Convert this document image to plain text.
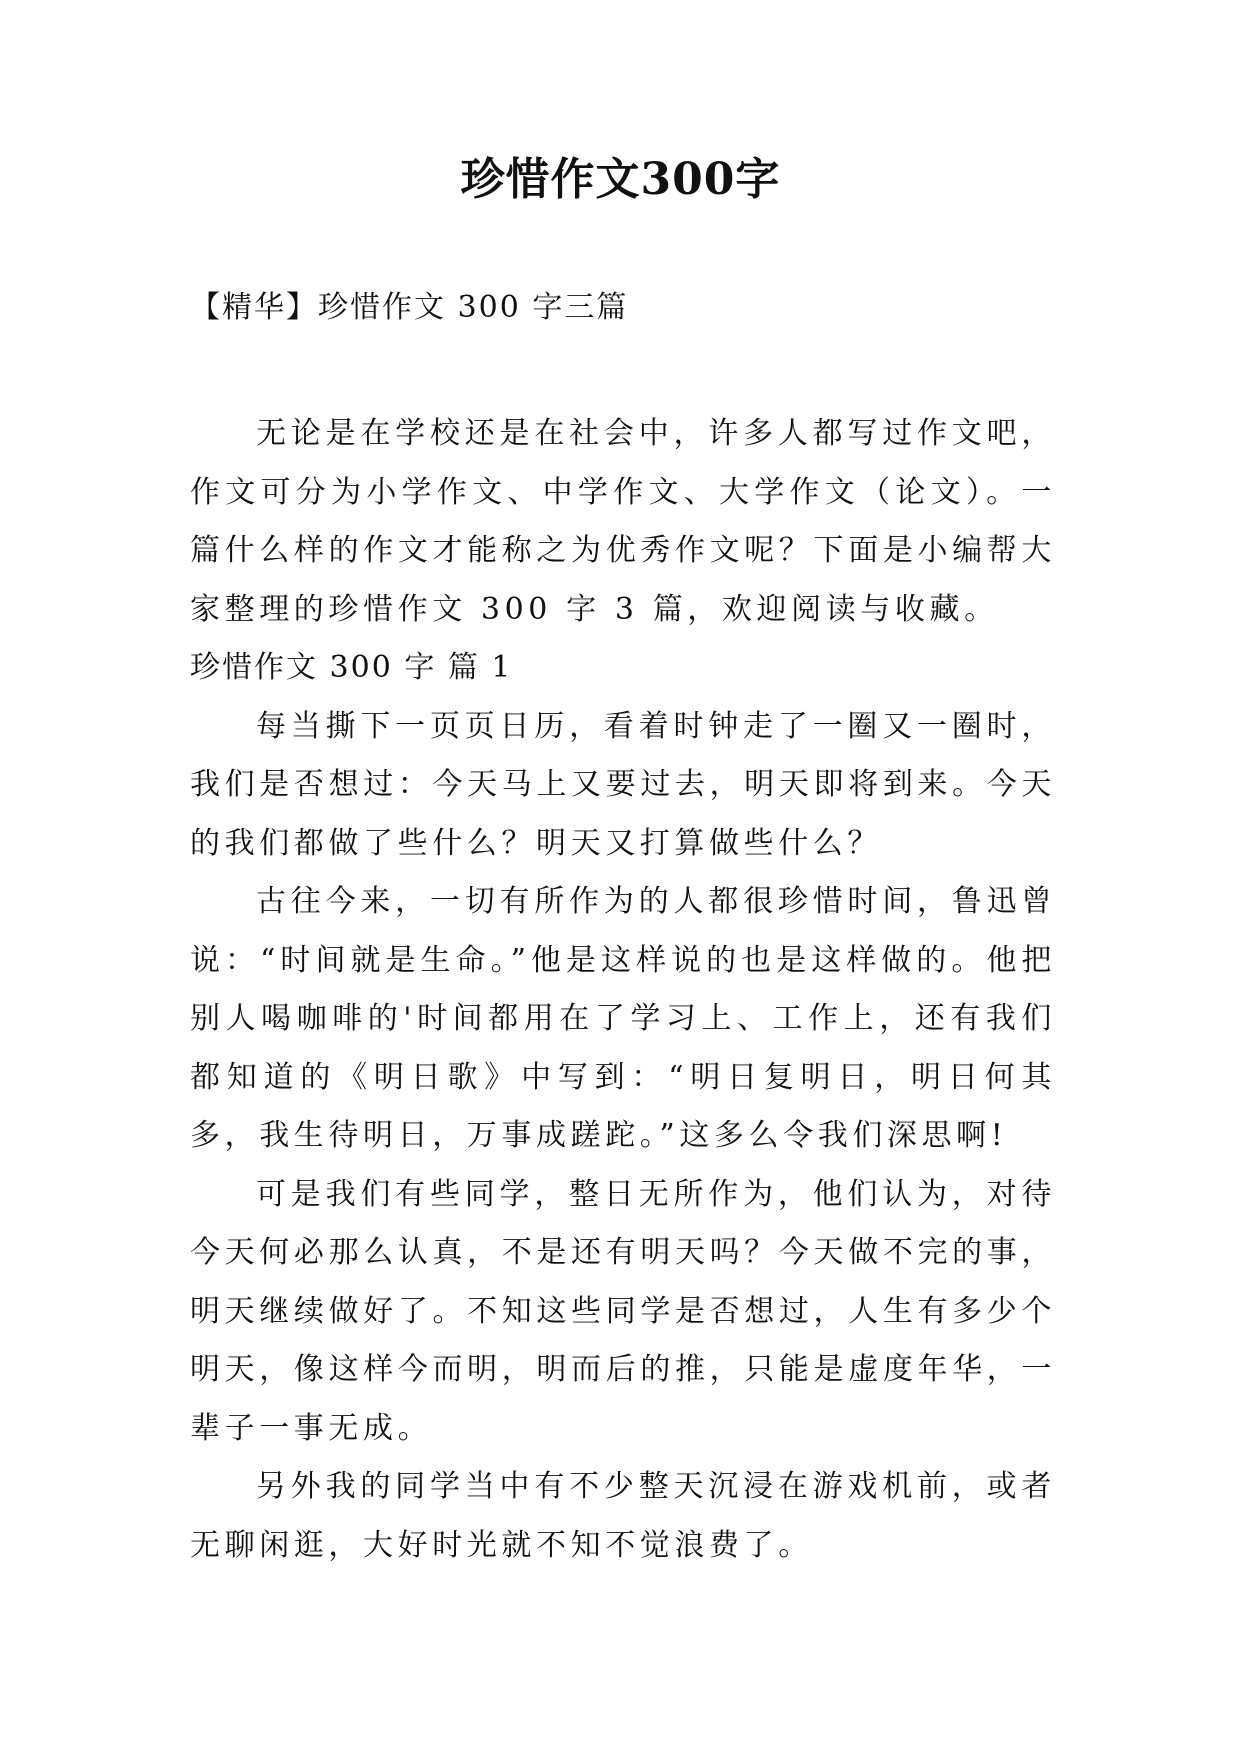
珍惜作文300字
【精华】珍惜作文 300 字三篇

无论是在学校还是在社会中，许多人都写过作文吧，作文可分为小学作文、中学作文、大学作文（论文）。一篇什么样的作文才能称之为优秀作文呢？下面是小编帮大家整理的珍惜作文 300 字 3 篇，欢迎阅读与收藏。

珍惜作文 300 字 篇 1

每当撕下一页页日历，看着时钟走了一圈又一圈时，我们是否想过：今天马上又要过去，明天即将到来。今天的我们都做了些什么？明天又打算做些什么？

古往今来，一切有所作为的人都很珍惜时间，鲁迅曾说：“时间就是生命。”他是这样说的也是这样做的。他把别人喝咖啡的'时间都用在了学习上、工作上，还有我们都知道的《明日歌》中写到：“明日复明日，明日何其多，我生待明日，万事成蹉跎。”这多么令我们深思啊!

可是我们有些同学，整日无所作为，他们认为，对待今天何必那么认真，不是还有明天吗？今天做不完的事，明天继续做好了。不知这些同学是否想过，人生有多少个明天，像这样今而明，明而后的推，只能是虚度年华，一辈子一事无成。

另外我的同学当中有不少整天沉浸在游戏机前，或者无聊闲逛，大好时光就不知不觉浪费了。
